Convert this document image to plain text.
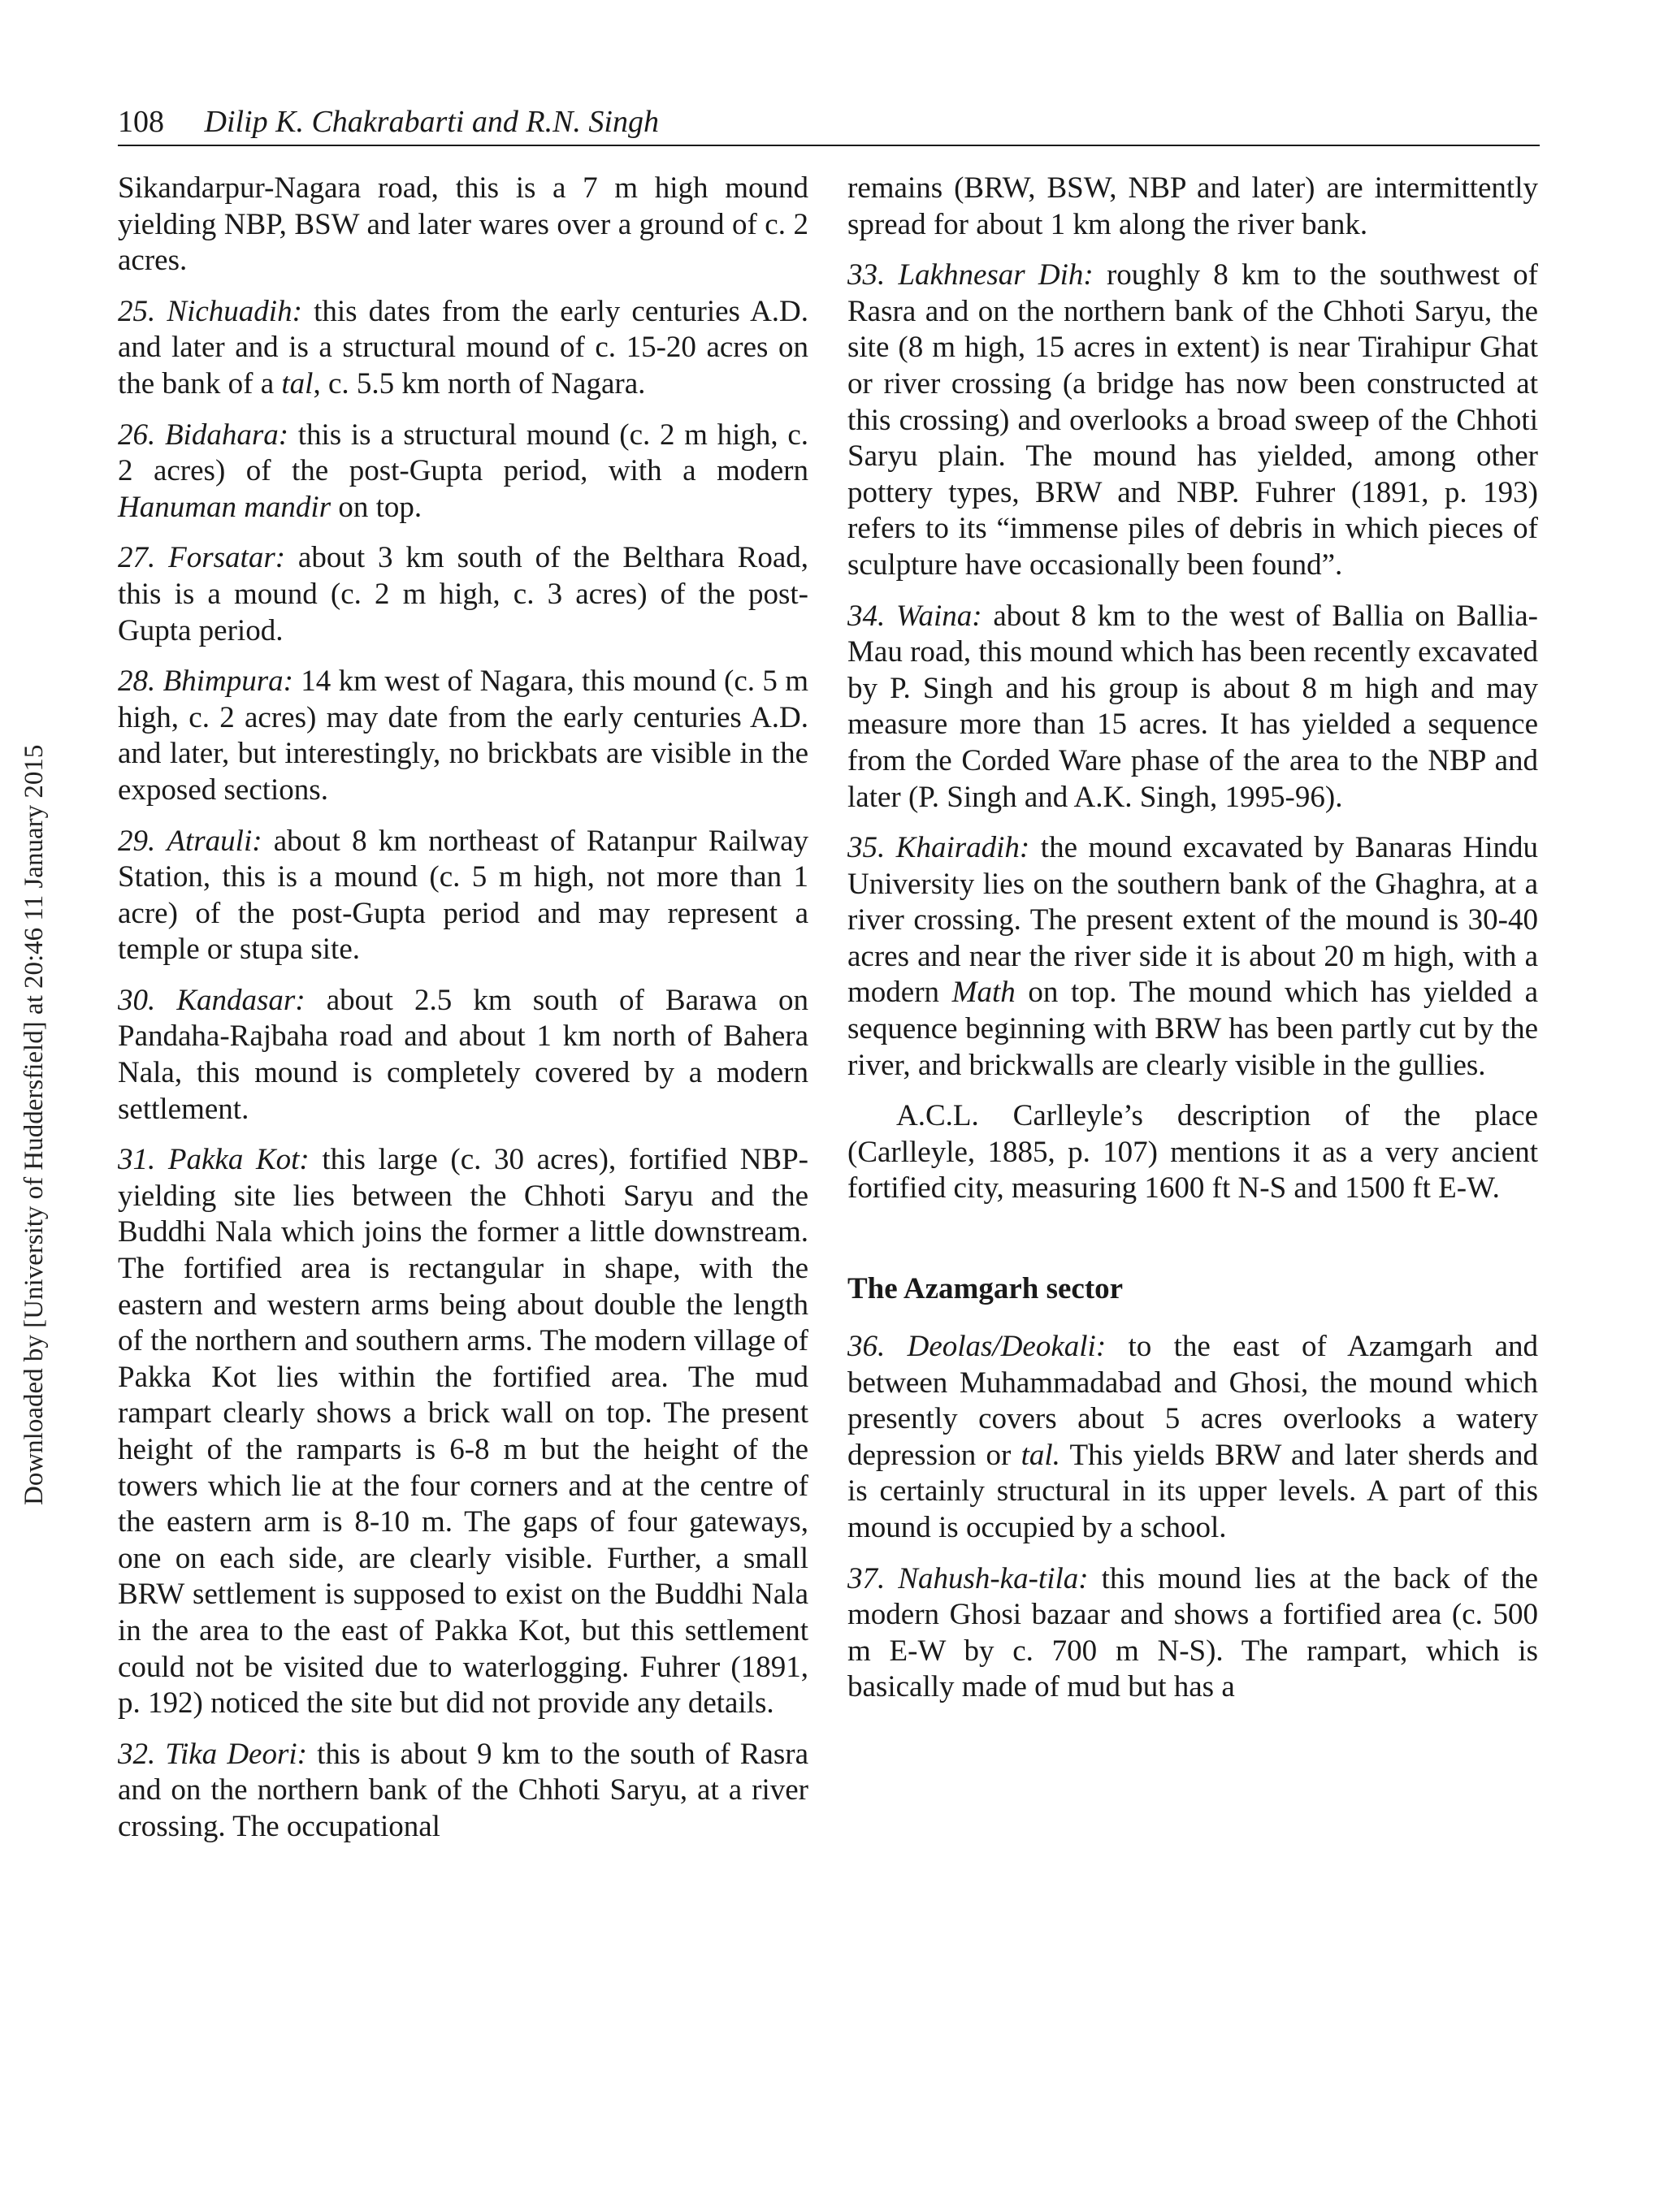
108 Dilip K. Chakrabarti and R.N. Singh
Downloaded by [University of Huddersfield] at 20:46 11 January 2015

Sikandarpur-Nagara road, this is a 7 m high mound yielding NBP, BSW and later wares over a ground of c. 2 acres.

25. Nichuadih: this dates from the early centuries A.D. and later and is a structural mound of c. 15-20 acres on the bank of a tal, c. 5.5 km north of Nagara.

26. Bidahara: this is a structural mound (c. 2 m high, c. 2 acres) of the post-Gupta period, with a modern Hanuman mandir on top.

27. Forsatar: about 3 km south of the Belthara Road, this is a mound (c. 2 m high, c. 3 acres) of the post-Gupta period.

28. Bhimpura: 14 km west of Nagara, this mound (c. 5 m high, c. 2 acres) may date from the early centuries A.D. and later, but interestingly, no brickbats are visible in the exposed sections.

29. Atrauli: about 8 km northeast of Ratanpur Railway Station, this is a mound (c. 5 m high, not more than 1 acre) of the post-Gupta period and may represent a temple or stupa site.

30. Kandasar: about 2.5 km south of Barawa on Pandaha-Rajbaha road and about 1 km north of Bahera Nala, this mound is completely covered by a modern settlement.

31. Pakka Kot: this large (c. 30 acres), fortified NBP-yielding site lies between the Chhoti Saryu and the Buddhi Nala which joins the former a little downstream. The fortified area is rectangular in shape, with the eastern and western arms being about double the length of the northern and southern arms. The modern village of Pakka Kot lies within the fortified area. The mud rampart clearly shows a brick wall on top. The present height of the ramparts is 6-8 m but the height of the towers which lie at the four corners and at the centre of the eastern arm is 8-10 m. The gaps of four gateways, one on each side, are clearly visible. Further, a small BRW settlement is supposed to exist on the Buddhi Nala in the area to the east of Pakka Kot, but this settlement could not be visited due to waterlogging. Fuhrer (1891, p. 192) noticed the site but did not provide any details.

32. Tika Deori: this is about 9 km to the south of Rasra and on the northern bank of the Chhoti Saryu, at a river crossing. The occupational

remains (BRW, BSW, NBP and later) are intermittently spread for about 1 km along the river bank.

33. Lakhnesar Dih: roughly 8 km to the southwest of Rasra and on the northern bank of the Chhoti Saryu, the site (8 m high, 15 acres in extent) is near Tirahipur Ghat or river crossing (a bridge has now been constructed at this crossing) and overlooks a broad sweep of the Chhoti Saryu plain. The mound has yielded, among other pottery types, BRW and NBP. Fuhrer (1891, p. 193) refers to its “immense piles of debris in which pieces of sculpture have occasionally been found”.

34. Waina: about 8 km to the west of Ballia on Ballia-Mau road, this mound which has been recently excavated by P. Singh and his group is about 8 m high and may measure more than 15 acres. It has yielded a sequence from the Corded Ware phase of the area to the NBP and later (P. Singh and A.K. Singh, 1995-96).

35. Khairadih: the mound excavated by Banaras Hindu University lies on the southern bank of the Ghaghra, at a river crossing. The present extent of the mound is 30-40 acres and near the river side it is about 20 m high, with a modern Math on top. The mound which has yielded a sequence beginning with BRW has been partly cut by the river, and brickwalls are clearly visible in the gullies.

A.C.L. Carlleyle’s description of the place (Carlleyle, 1885, p. 107) mentions it as a very ancient fortified city, measuring 1600 ft N-S and 1500 ft E-W.

The Azamgarh sector

36. Deolas/Deokali: to the east of Azamgarh and between Muhammadabad and Ghosi, the mound which presently covers about 5 acres overlooks a watery depression or tal. This yields BRW and later sherds and is certainly structural in its upper levels. A part of this mound is occupied by a school.

37. Nahush-ka-tila: this mound lies at the back of the modern Ghosi bazaar and shows a fortified area (c. 500 m E-W by c. 700 m N-S). The rampart, which is basically made of mud but has a
